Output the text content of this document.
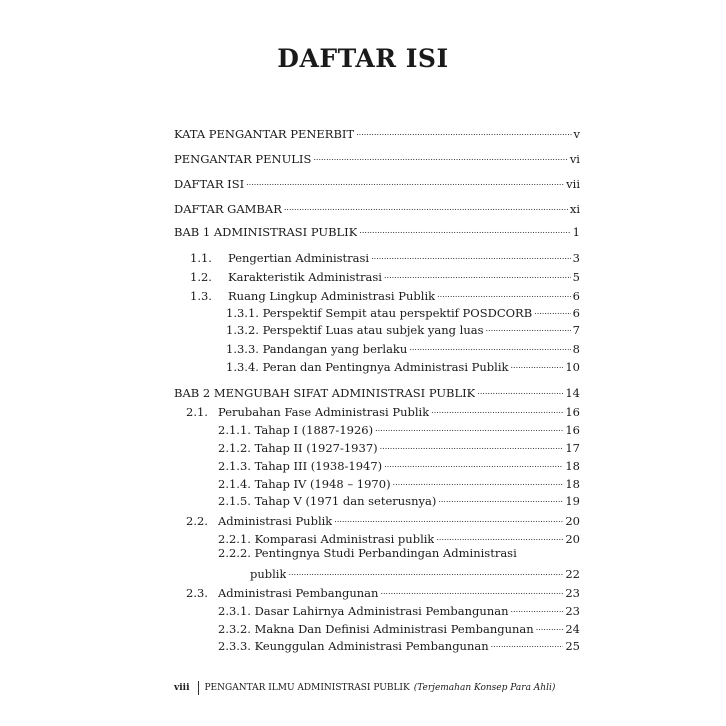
DAFTAR ISI
KATA PENGANTAR PENERBIT .....	v
PENGANTAR PENULIS .....	vi
DAFTAR ISI .....	vii
DAFTAR GAMBAR .....	xi
BAB 1 ADMINISTRASI PUBLIK .....	1
1.1.	Pengertian Administrasi .....	3
1.2.	Karakteristik Administrasi .....	5
1.3.	Ruang Lingkup Administrasi Publik .....	6
1.3.1. Perspektif Sempit atau perspektif POSDCORB .....	6
1.3.2. Perspektif Luas atau subjek yang luas .....	7
1.3.3. Pandangan yang berlaku .....	8
1.3.4. Peran dan Pentingnya Administrasi Publik .....	10
BAB 2 MENGUBAH SIFAT ADMINISTRASI PUBLIK .....	14
2.1. Perubahan Fase Administrasi Publik .....	16
2.1.1. Tahap I (1887-1926) .....	16
2.1.2. Tahap II (1927-1937) .....	17
2.1.3. Tahap III (1938-1947) .....	18
2.1.4. Tahap IV (1948 – 1970) .....	18
2.1.5. Tahap V (1971 dan seterusnya) .....	19
2.2. Administrasi Publik .....	20
2.2.1. Komparasi Administrasi publik .....	20
2.2.2. Pentingnya Studi Perbandingan Administrasi
publik .....	22
2.3. Administrasi Pembangunan .....	23
2.3.1. Dasar Lahirnya Administrasi Pembangunan .....	23
2.3.2. Makna Dan Definisi Administrasi Pembangunan .....	24
2.3.3. Keunggulan Administrasi Pembangunan .....	25
viii PENGANTAR ILMU ADMINISTRASI PUBLIK (Terjemahan Konsep Para Ahli)
